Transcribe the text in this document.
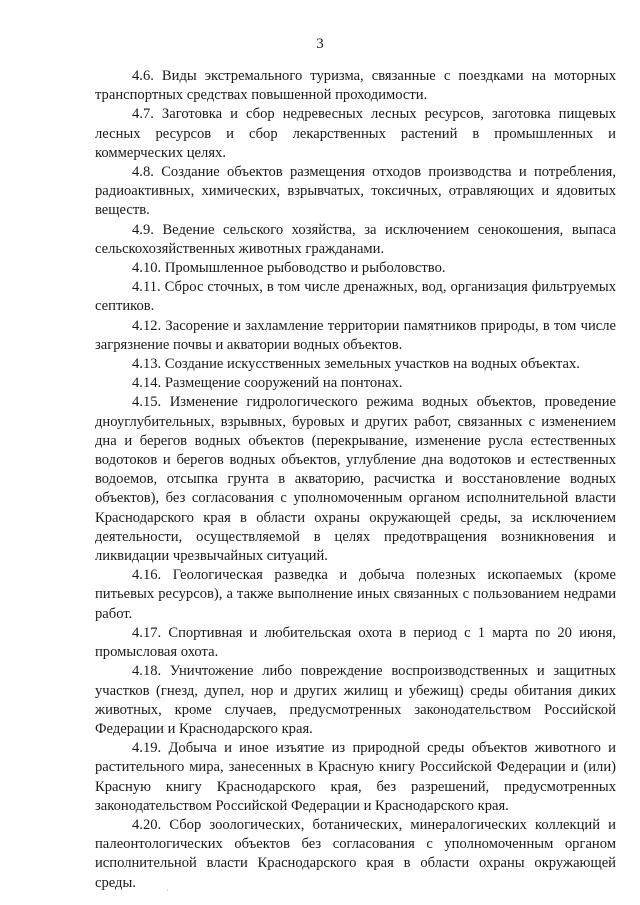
3

4.6. Виды экстремального туризма, связанные с поездками на моторных транспортных средствах повышенной проходимости.

4.7. Заготовка и сбор недревесных лесных ресурсов, заготовка пищевых лесных ресурсов и сбор лекарственных растений в промышленных и коммерческих целях.

4.8. Создание объектов размещения отходов производства и потребления, радиоактивных, химических, взрывчатых, токсичных, отравляющих и ядовитых веществ.

4.9. Ведение сельского хозяйства, за исключением сенокошения, выпаса сельскохозяйственных животных гражданами.

4.10. Промышленное рыбоводство и рыболовство.

4.11. Сброс сточных, в том числе дренажных, вод, организация фильтруемых септиков.

4.12. Засорение и захламление территории памятников природы, в том числе загрязнение почвы и акватории водных объектов.

4.13. Создание искусственных земельных участков на водных объектах.

4.14. Размещение сооружений на понтонах.

4.15. Изменение гидрологического режима водных объектов, проведение дноуглубительных, взрывных, буровых и других работ, связанных с изменением дна и берегов водных объектов (перекрывание, изменение русла естественных водотоков и берегов водных объектов, углубление дна водотоков и естественных водоемов, отсыпка грунта в акваторию, расчистка и восстановление водных объектов), без согласования с уполномоченным органом исполнительной власти Краснодарского края в области охраны окружающей среды, за исключением деятельности, осуществляемой в целях предотвращения возникновения и ликвидации чрезвычайных ситуаций.

4.16. Геологическая разведка и добыча полезных ископаемых (кроме питьевых ресурсов), а также выполнение иных связанных с пользованием недрами работ.

4.17. Спортивная и любительская охота в период с 1 марта по 20 июня, промысловая охота.

4.18. Уничтожение либо повреждение воспроизводственных и защитных участков (гнезд, дупел, нор и других жилищ и убежищ) среды обитания диких животных, кроме случаев, предусмотренных законодательством Российской Федерации и Краснодарского края.

4.19. Добыча и иное изъятие из природной среды объектов животного и растительного мира, занесенных в Красную книгу Российской Федерации и (или) Красную книгу Краснодарского края, без разрешений, предусмотренных законодательством Российской Федерации и Краснодарского края.

4.20. Сбор зоологических, ботанических, минералогических коллекций и палеонтологических объектов без согласования с уполномоченным органом исполнительной власти Краснодарского края в области охраны окружающей среды.	·
